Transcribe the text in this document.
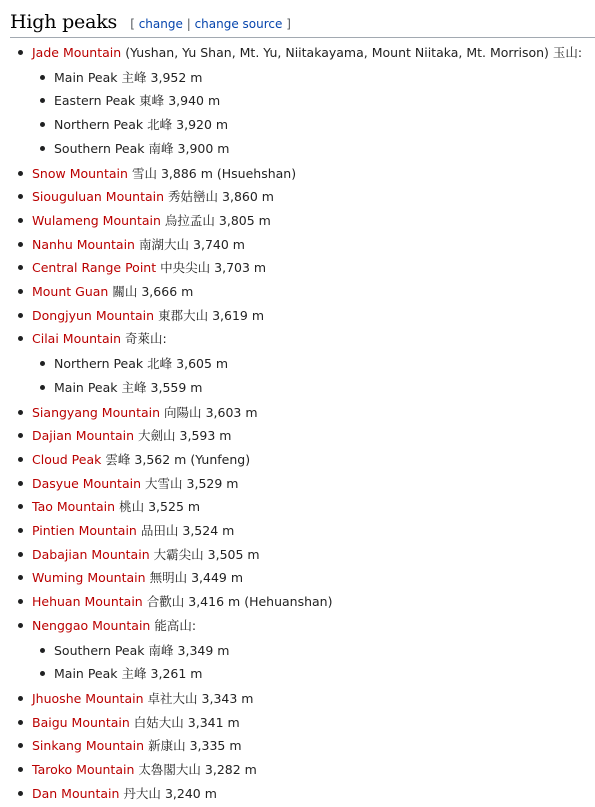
High peaks [ change | change source ]
Jade Mountain (Yushan, Yu Shan, Mt. Yu, Niitakayama, Mount Niitaka, Mt. Morrison) 玉山:
Main Peak 主峰 3,952 m
Eastern Peak 東峰 3,940 m
Northern Peak 北峰 3,920 m
Southern Peak 南峰 3,900 m
Snow Mountain 雪山 3,886 m (Hsuehshan)
Siouguluan Mountain 秀姑巒山 3,860 m
Wulameng Mountain 烏拉孟山 3,805 m
Nanhu Mountain 南湖大山 3,740 m
Central Range Point 中央尖山 3,703 m
Mount Guan 關山 3,666 m
Dongjyun Mountain 東郡大山 3,619 m
Cilai Mountain 奇萊山:
Northern Peak 北峰 3,605 m
Main Peak 主峰 3,559 m
Siangyang Mountain 向陽山 3,603 m
Dajian Mountain 大劍山 3,593 m
Cloud Peak 雲峰 3,562 m (Yunfeng)
Dasyue Mountain 大雪山 3,529 m
Tao Mountain 桃山 3,525 m
Pintien Mountain 品田山 3,524 m
Dabajian Mountain 大霸尖山 3,505 m
Wuming Mountain 無明山 3,449 m
Hehuan Mountain 合歡山 3,416 m (Hehuanshan)
Nenggao Mountain 能高山:
Southern Peak 南峰 3,349 m
Main Peak 主峰 3,261 m
Jhuoshe Mountain 卓社大山 3,343 m
Baigu Mountain 白姑大山 3,341 m
Sinkang Mountain 新康山 3,335 m
Taroko Mountain 太魯閣大山 3,282 m
Dan Mountain 丹大山 3,240 m
